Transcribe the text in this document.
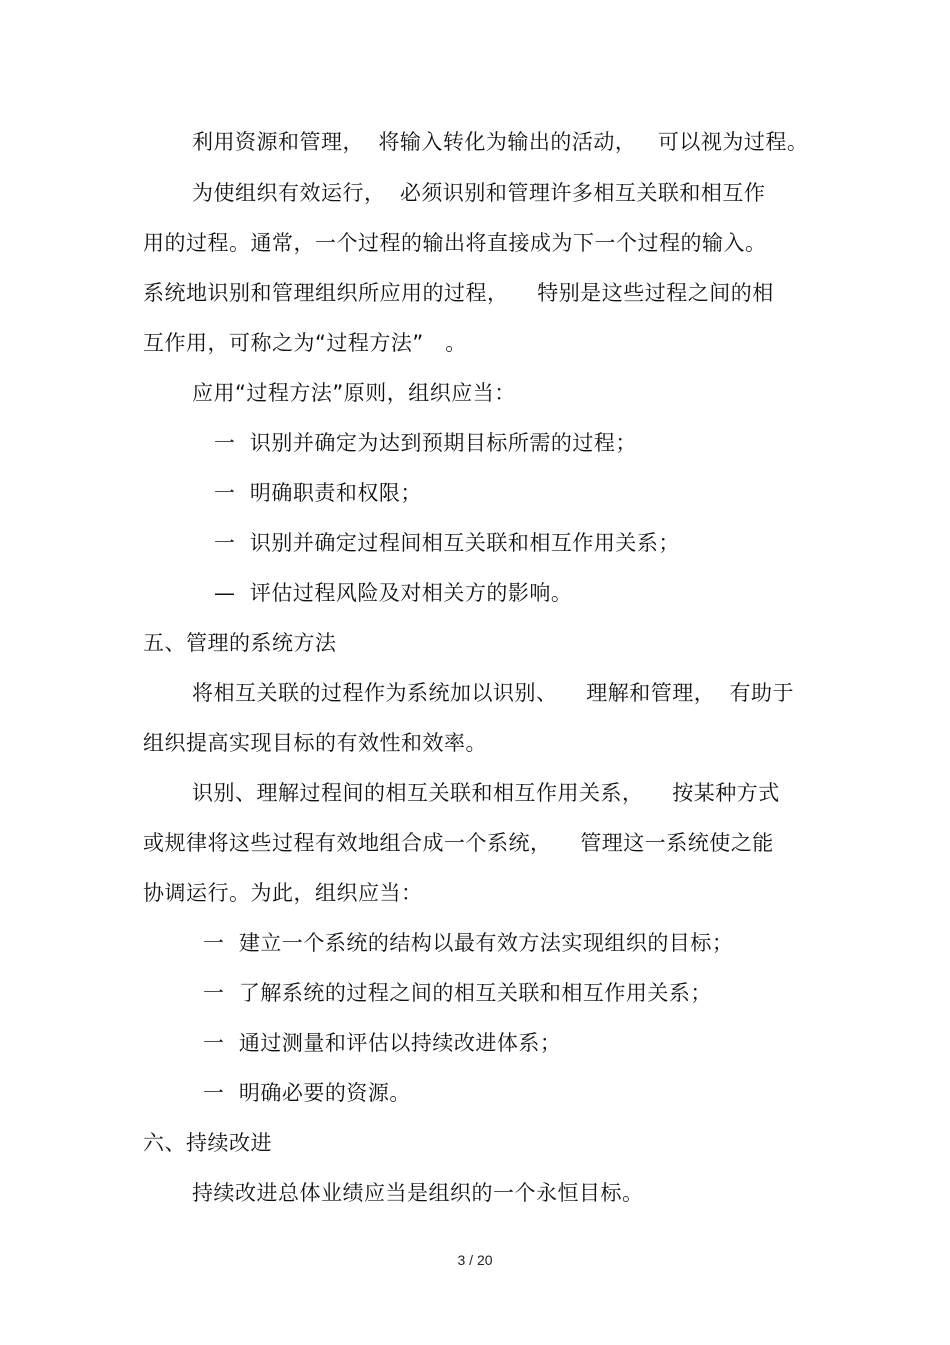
利用资源和管理，  将输入转化为输出的活动，   可以视为过程。
为使组织有效运行，  必须识别和管理许多相互关联和相互作
用的过程。通常，一个过程的输出将直接成为下一个过程的输入。
系统地识别和管理组织所应用的过程，    特别是这些过程之间的相
互作用，可称之为“过程方法”   。
应用“过程方法”原则，组织应当：
一  识别并确定为达到预期目标所需的过程；
一  明确职责和权限；
一  识别并确定过程间相互关联和相互作用关系；
—  评估过程风险及对相关方的影响。
五、管理的系统方法
将相互关联的过程作为系统加以识别、    理解和管理，  有助于
组织提高实现目标的有效性和效率。
识别、理解过程间的相互关联和相互作用关系，    按某种方式
或规律将这些过程有效地组合成一个系统，    管理这一系统使之能
协调运行。为此，组织应当：
一  建立一个系统的结构以最有效方法实现组织的目标；
一  了解系统的过程之间的相互关联和相互作用关系；
一  通过测量和评估以持续改进体系；
一  明确必要的资源。
六、持续改进
持续改进总体业绩应当是组织的一个永恒目标。
3 / 20
